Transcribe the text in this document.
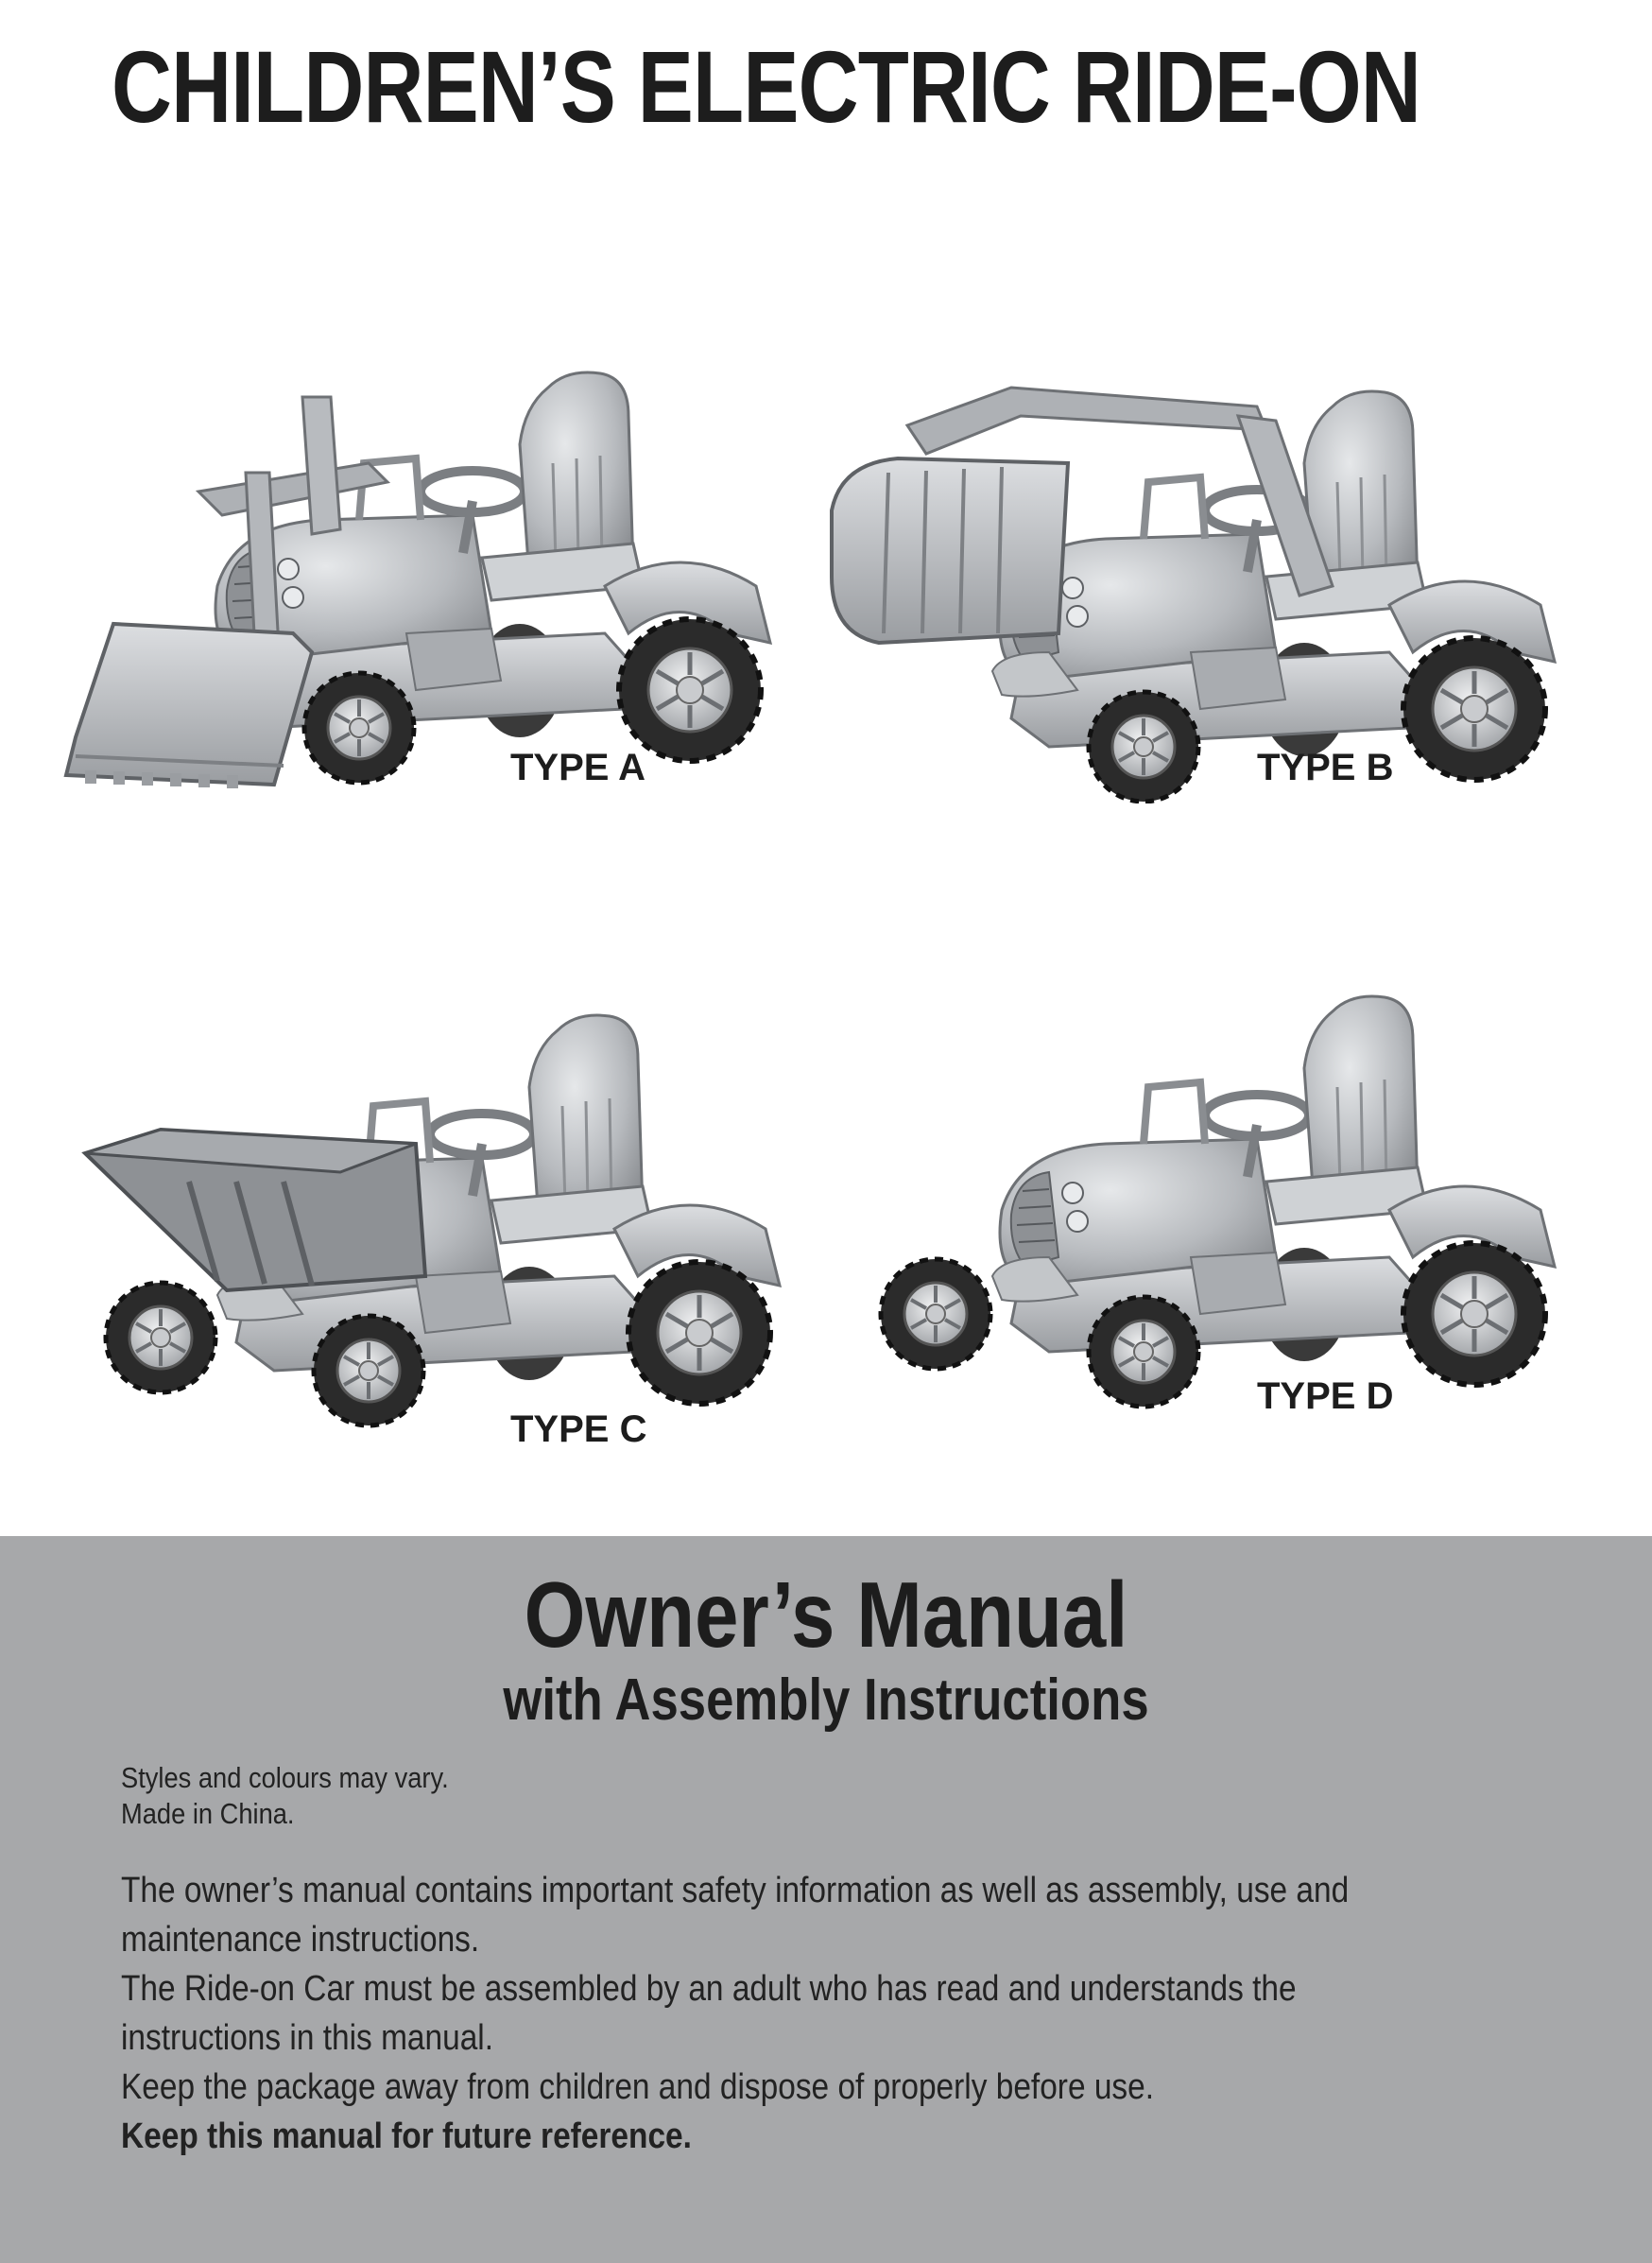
CHILDREN’S ELECTRIC RIDE-ON
TYPE A	TYPE B
TYPE C
TYPE D
Owner’s Manual
with Assembly Instructions
Styles and colours may vary.
Made in China.
The owner’s manual contains important safety information as well as assembly, use and
maintenance instructions.
The Ride-on Car must be assembled by an adult who has read and understands the
instructions in this manual.
Keep the package away from children and dispose of properly before use.
Keep this manual for future reference.
